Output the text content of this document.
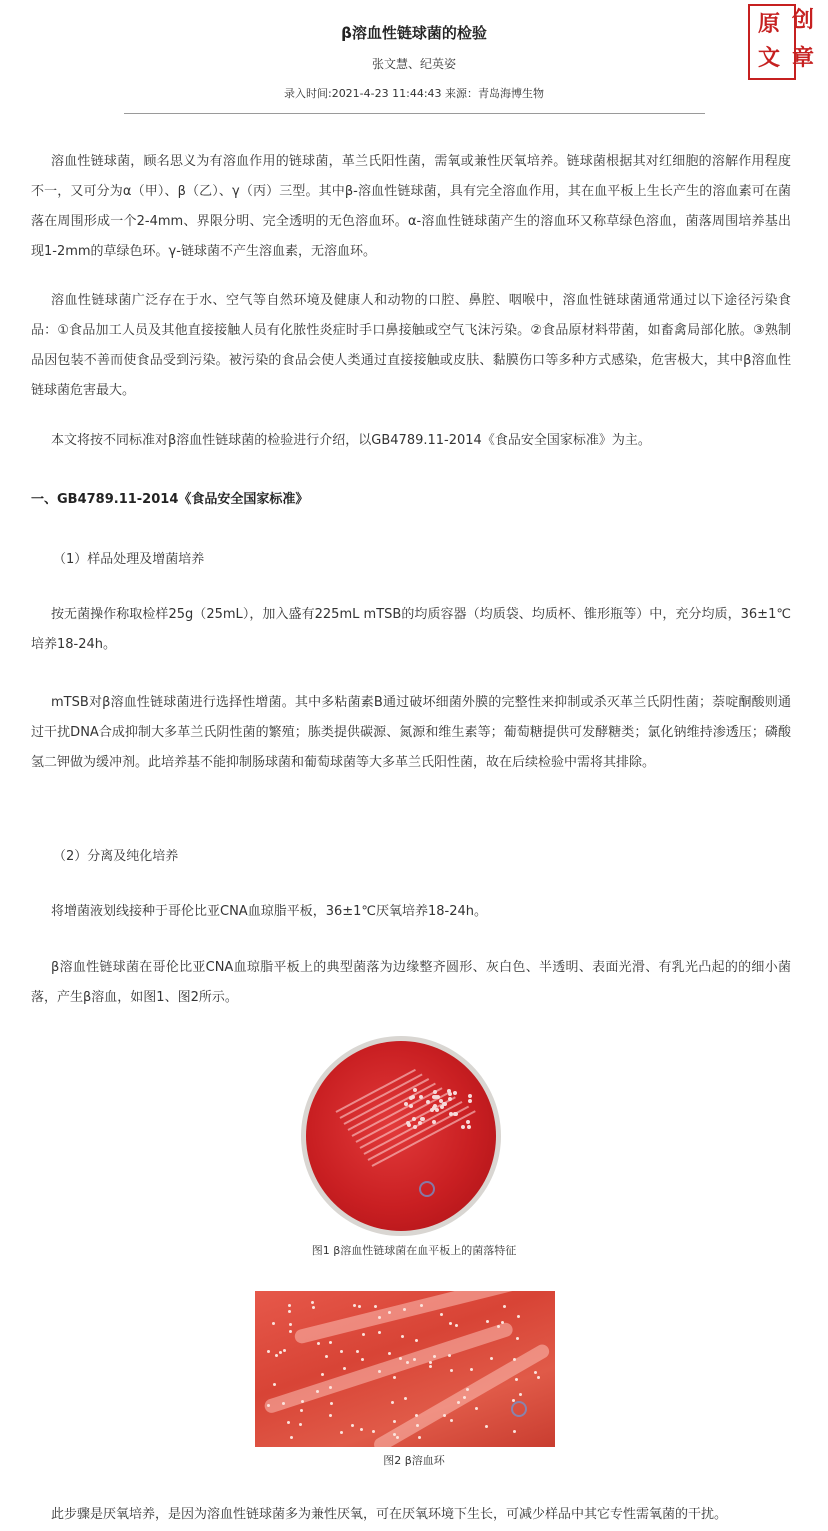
β溶血性链球菌的检验
张文慧、纪英姿
录入时间:2021-4-23 11:44:43 来源：青岛海博生物
原
文
创
章

溶血性链球菌，顾名思义为有溶血作用的链球菌，革兰氏阳性菌，需氧或兼性厌氧培养。链球菌根据其对红细胞的溶解作用程度不一，又可分为α（甲）、β（乙）、γ（丙）三型。其中β-溶血性链球菌，具有完全溶血作用，其在血平板上生长产生的溶血素可在菌落在周围形成一个2-4mm、界限分明、完全透明的无色溶血环。α-溶血性链球菌产生的溶血环又称草绿色溶血，菌落周围培养基出现1-2mm的草绿色环。γ-链球菌不产生溶血素，无溶血环。

溶血性链球菌广泛存在于水、空气等自然环境及健康人和动物的口腔、鼻腔、咽喉中，溶血性链球菌通常通过以下途径污染食品：①食品加工人员及其他直接接触人员有化脓性炎症时手口鼻接触或空气飞沫污染。②食品原材料带菌，如畜禽局部化脓。③熟制品因包装不善而使食品受到污染。被污染的食品会使人类通过直接接触或皮肤、黏膜伤口等多种方式感染，危害极大，其中β溶血性链球菌危害最大。

本文将按不同标准对β溶血性链球菌的检验进行介绍，以GB4789.11-2014《食品安全国家标准》为主。

一、GB4789.11-2014《食品安全国家标准》
（1）样品处理及增菌培养

按无菌操作称取检样25g（25mL），加入盛有225mL mTSB的均质容器（均质袋、均质杯、锥形瓶等）中，充分均质，36±1℃培养18-24h。

mTSB对β溶血性链球菌进行选择性增菌。其中多粘菌素B通过破坏细菌外膜的完整性来抑制或杀灭革兰氏阴性菌；萘啶酮酸则通过干扰DNA合成抑制大多革兰氏阴性菌的繁殖；胨类提供碳源、氮源和维生素等；葡萄糖提供可发酵糖类；氯化钠维持渗透压；磷酸氢二钾做为缓冲剂。此培养基不能抑制肠球菌和葡萄球菌等大多革兰氏阳性菌，故在后续检验中需将其排除。

（2）分离及纯化培养

将增菌液划线接种于哥伦比亚CNA血琼脂平板，36±1℃厌氧培养18-24h。

β溶血性链球菌在哥伦比亚CNA血琼脂平板上的典型菌落为边缘整齐圆形、灰白色、半透明、表面光滑、有乳光凸起的的细小菌落，产生β溶血，如图1、图2所示。

图1 β溶血性链球菌在血平板上的菌落特征
图2 β溶血环

此步骤是厌氧培养，是因为溶血性链球菌多为兼性厌氧，可在厌氧环境下生长，可减少样品中其它专性需氧菌的干扰。
